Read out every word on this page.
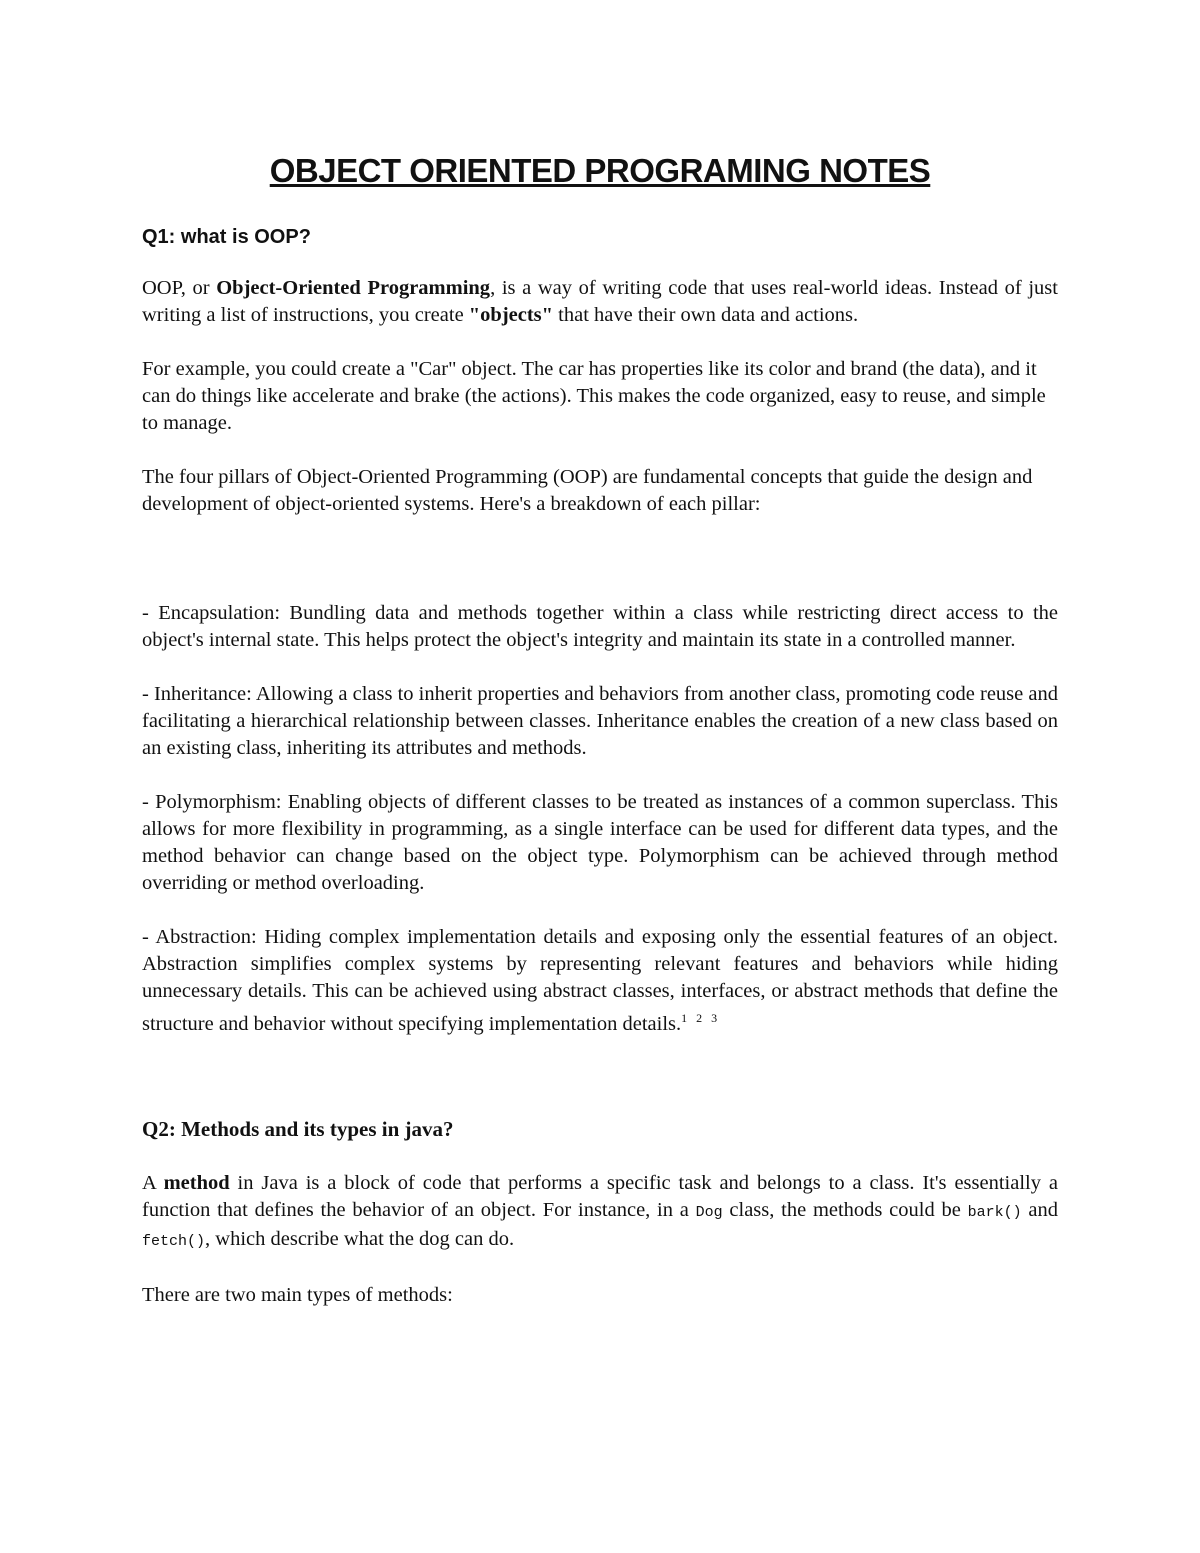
OBJECT ORIENTED PROGRAMING NOTES
Q1: what is OOP?

OOP, or Object-Oriented Programming, is a way of writing code that uses real-world ideas. Instead of just writing a list of instructions, you create "objects" that have their own data and actions.

For example, you could create a "Car" object. The car has properties like its color and brand (the data), and it can do things like accelerate and brake (the actions). This makes the code organized, easy to reuse, and simple to manage.

The four pillars of Object-Oriented Programming (OOP) are fundamental concepts that guide the design and development of object-oriented systems. Here's a breakdown of each pillar:

- Encapsulation: Bundling data and methods together within a class while restricting direct access to the object's internal state. This helps protect the object's integrity and maintain its state in a controlled manner.

- Inheritance: Allowing a class to inherit properties and behaviors from another class, promoting code reuse and facilitating a hierarchical relationship between classes. Inheritance enables the creation of a new class based on an existing class, inheriting its attributes and methods.

- Polymorphism: Enabling objects of different classes to be treated as instances of a common superclass. This allows for more flexibility in programming, as a single interface can be used for different data types, and the method behavior can change based on the object type. Polymorphism can be achieved through method overriding or method overloading.

- Abstraction: Hiding complex implementation details and exposing only the essential features of an object. Abstraction simplifies complex systems by representing relevant features and behaviors while hiding unnecessary details. This can be achieved using abstract classes, interfaces, or abstract methods that define the structure and behavior without specifying implementation details.$^{1 2 3}$

Q2: Methods and its types in java?

A method in Java is a block of code that performs a specific task and belongs to a class. It's essentially a function that defines the behavior of an object. For instance, in a Dog class, the methods could be bark() and fetch(), which describe what the dog can do.

There are two main types of methods:
